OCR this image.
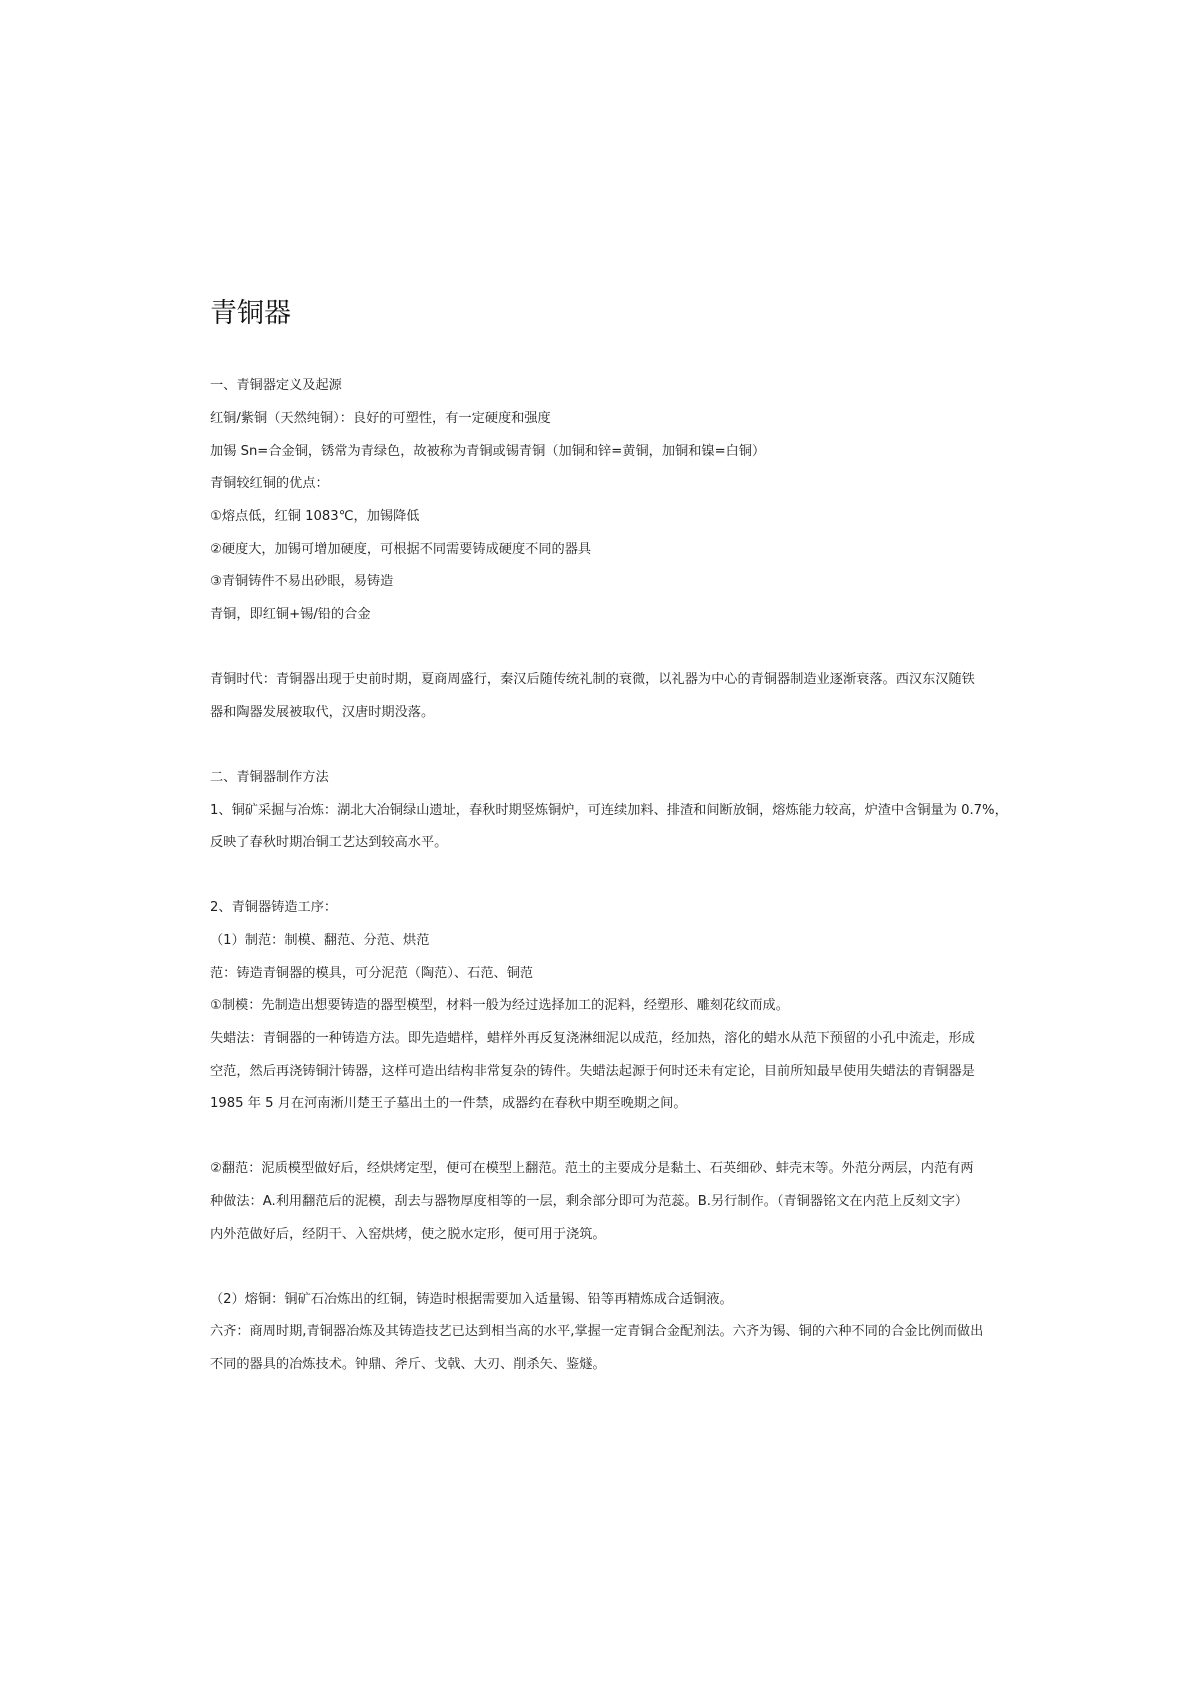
青铜器
一、青铜器定义及起源
红铜/紫铜（天然纯铜）：良好的可塑性，有一定硬度和强度
加锡 Sn=合金铜，锈常为青绿色，故被称为青铜或锡青铜（加铜和锌=黄铜，加铜和镍=白铜）
青铜较红铜的优点：
①熔点低，红铜 1083℃，加锡降低
②硬度大，加锡可增加硬度，可根据不同需要铸成硬度不同的器具
③青铜铸件不易出砂眼，易铸造
青铜，即红铜+锡/铅的合金
青铜时代：青铜器出现于史前时期，夏商周盛行，秦汉后随传统礼制的衰微，以礼器为中心的青铜器制造业逐渐衰落。西汉东汉随铁
器和陶器发展被取代，汉唐时期没落。
二、青铜器制作方法
1、铜矿采掘与冶炼：湖北大冶铜绿山遗址，春秋时期竖炼铜炉，可连续加料、排渣和间断放铜，熔炼能力较高，炉渣中含铜量为 0.7%，
反映了春秋时期冶铜工艺达到较高水平。
2、青铜器铸造工序：
（1）制范：制模、翻范、分范、烘范
范：铸造青铜器的模具，可分泥范（陶范）、石范、铜范
①制模：先制造出想要铸造的器型模型，材料一般为经过选择加工的泥料，经塑形、雕刻花纹而成。
失蜡法：青铜器的一种铸造方法。即先造蜡样，蜡样外再反复浇淋细泥以成范，经加热，溶化的蜡水从范下预留的小孔中流走，形成
空范，然后再浇铸铜汁铸器，这样可造出结构非常复杂的铸件。失蜡法起源于何时还未有定论，目前所知最早使用失蜡法的青铜器是
1985 年 5 月在河南淅川楚王子墓出土的一件禁，成器约在春秋中期至晚期之间。
②翻范：泥质模型做好后，经烘烤定型，便可在模型上翻范。范土的主要成分是黏土、石英细砂、蚌壳末等。外范分两层，内范有两
种做法：A.利用翻范后的泥模，刮去与器物厚度相等的一层，剩余部分即可为范蕊。B.另行制作。（青铜器铭文在内范上反刻文字）
内外范做好后，经阴干、入窑烘烤，使之脱水定形，便可用于浇筑。
（2）熔铜：铜矿石冶炼出的红铜，铸造时根据需要加入适量锡、铅等再精炼成合适铜液。
六齐：商周时期,青铜器冶炼及其铸造技艺已达到相当高的水平,掌握一定青铜合金配剂法。六齐为锡、铜的六种不同的合金比例而做出
不同的器具的冶炼技术。钟鼎、斧斤、戈戟、大刃、削杀矢、鉴燧。
